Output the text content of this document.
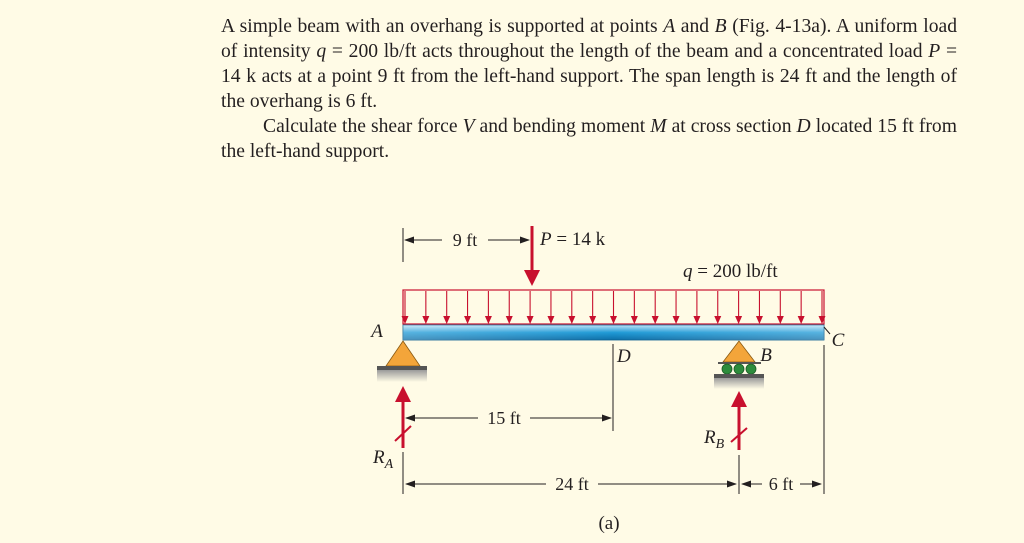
A simple beam with an overhang is supported at points A and B (Fig. 4-13a). A uniform load of intensity q = 200 lb/ft acts throughout the length of the beam and a concentrated load P = 14 k acts at a point 9 ft from the left-hand support. The span length is 24 ft and the length of the overhang is 6 ft.

Calculate the shear force V and bending moment M at cross section D located 15 ft from the left-hand support.

9 ft	P = 14 k
q = 200 lb/ft
A
B
C
D
15 ft
$R_A$
$R_B$
24 ft	6 ft
(a)
